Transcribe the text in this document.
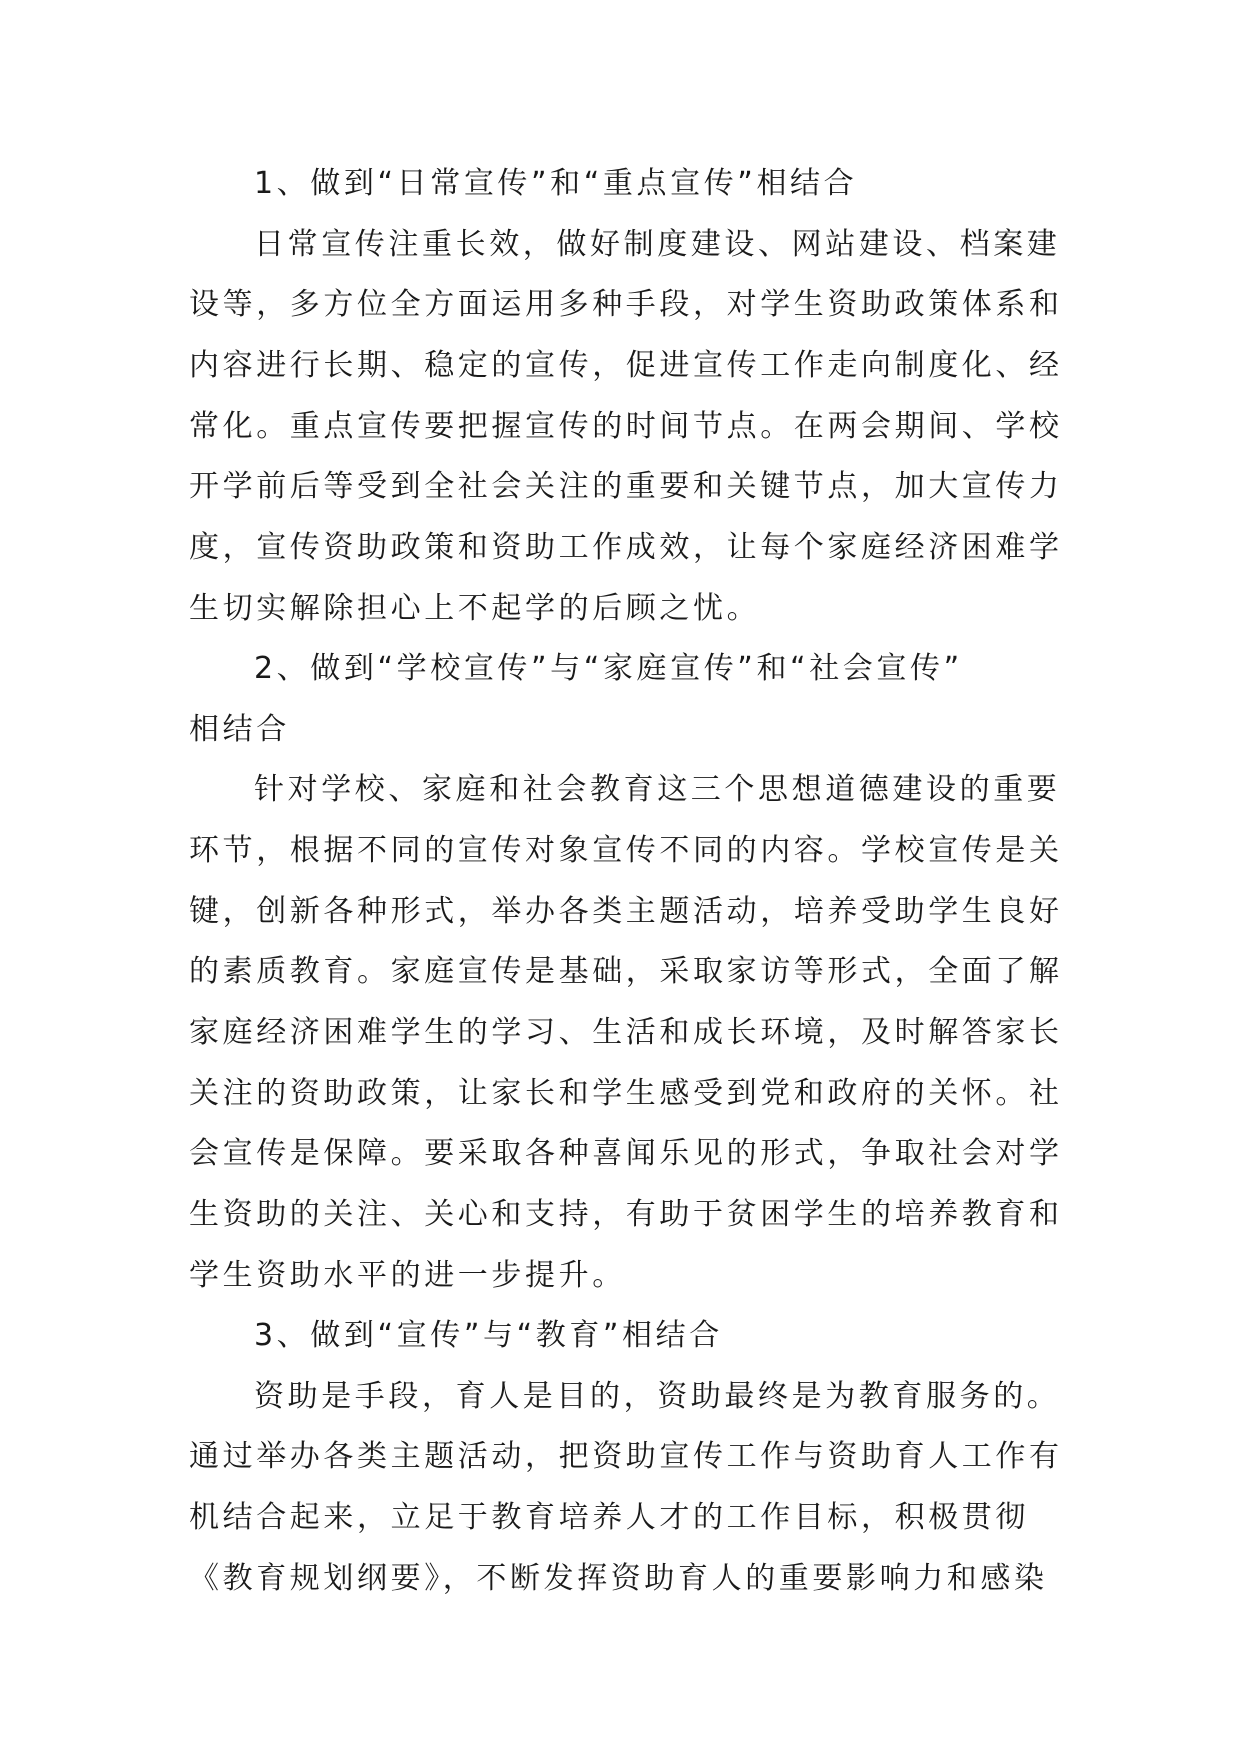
1、做到“日常宣传”和“重点宣传”相结合
日常宣传注重长效，做好制度建设、网站建设、档案建
设等，多方位全方面运用多种手段，对学生资助政策体系和
内容进行长期、稳定的宣传，促进宣传工作走向制度化、经
常化。重点宣传要把握宣传的时间节点。在两会期间、学校
开学前后等受到全社会关注的重要和关键节点，加大宣传力
度，宣传资助政策和资助工作成效，让每个家庭经济困难学
生切实解除担心上不起学的后顾之忧。
2、做到“学校宣传”与“家庭宣传”和“社会宣传”
相结合
针对学校、家庭和社会教育这三个思想道德建设的重要
环节，根据不同的宣传对象宣传不同的内容。学校宣传是关
键，创新各种形式，举办各类主题活动，培养受助学生良好
的素质教育。家庭宣传是基础，采取家访等形式，全面了解
家庭经济困难学生的学习、生活和成长环境，及时解答家长
关注的资助政策，让家长和学生感受到党和政府的关怀。社
会宣传是保障。要采取各种喜闻乐见的形式，争取社会对学
生资助的关注、关心和支持，有助于贫困学生的培养教育和
学生资助水平的进一步提升。
3、做到“宣传”与“教育”相结合
资助是手段，育人是目的，资助最终是为教育服务的。
通过举办各类主题活动，把资助宣传工作与资助育人工作有
机结合起来，立足于教育培养人才的工作目标，积极贯彻
《教育规划纲要》，不断发挥资助育人的重要影响力和感染
